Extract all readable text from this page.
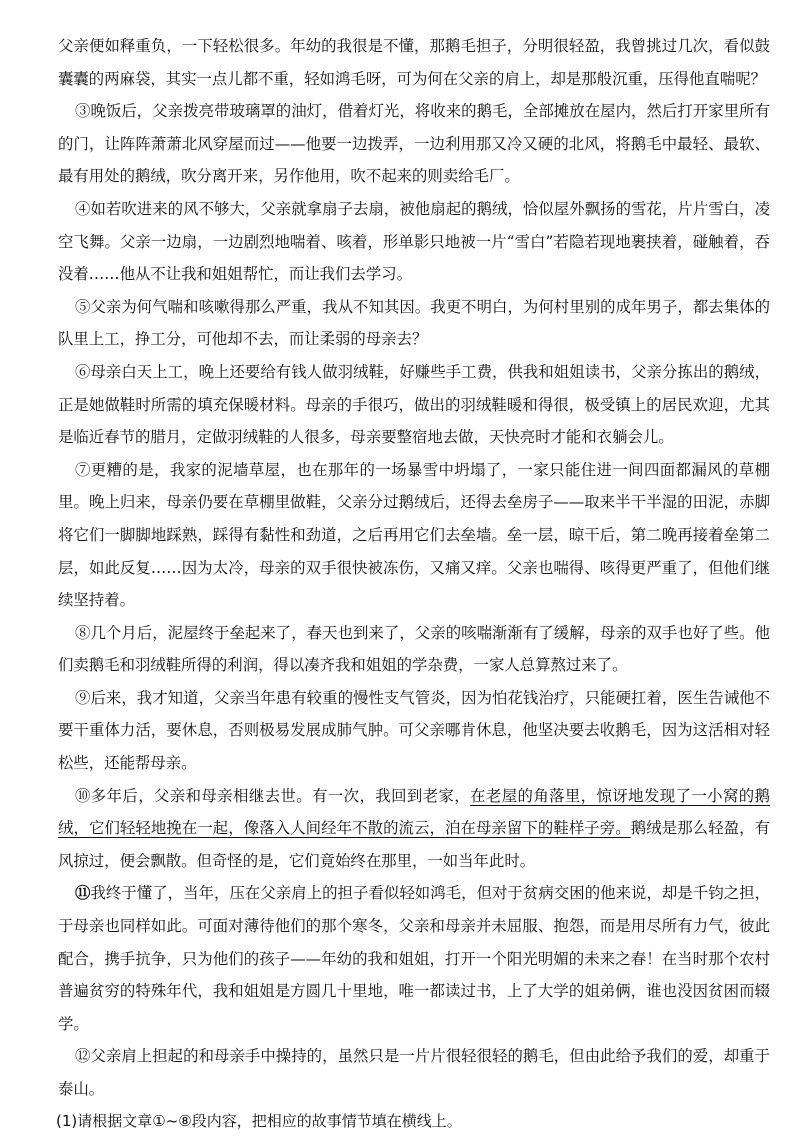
父亲便如释重负，一下轻松很多。年幼的我很是不懂，那鹅毛担子，分明很轻盈，我曾挑过几次，看似鼓囊囊的两麻袋，其实一点儿都不重，轻如鸿毛呀，可为何在父亲的肩上，却是那般沉重，压得他直喘呢？

③晚饭后，父亲拨亮带玻璃罩的油灯，借着灯光，将收来的鹅毛，全部摊放在屋内，然后打开家里所有的门，让阵阵萧萧北风穿屋而过——他要一边拨弄，一边利用那又冷又硬的北风，将鹅毛中最轻、最软、最有用处的鹅绒，吹分离开来，另作他用，吹不起来的则卖给毛厂。

④如若吹进来的风不够大，父亲就拿扇子去扇，被他扇起的鹅绒，恰似屋外飘扬的雪花，片片雪白，凌空飞舞。父亲一边扇，一边剧烈地喘着、咳着，形单影只地被一片“雪白”若隐若现地裹挟着，碰触着，吞没着……他从不让我和姐姐帮忙，而让我们去学习。

⑤父亲为何气喘和咳嗽得那么严重，我从不知其因。我更不明白，为何村里别的成年男子，都去集体的队里上工，挣工分，可他却不去，而让柔弱的母亲去？

⑥母亲白天上工，晚上还要给有钱人做羽绒鞋，好赚些手工费，供我和姐姐读书，父亲分拣出的鹅绒，正是她做鞋时所需的填充保暖材料。母亲的手很巧，做出的羽绒鞋暖和得很，极受镇上的居民欢迎，尤其是临近春节的腊月，定做羽绒鞋的人很多，母亲要整宿地去做，天快亮时才能和衣躺会儿。

⑦更糟的是，我家的泥墙草屋，也在那年的一场暴雪中坍塌了，一家只能住进一间四面都漏风的草棚里。晚上归来，母亲仍要在草棚里做鞋，父亲分过鹅绒后，还得去垒房子——取来半干半湿的田泥，赤脚将它们一脚脚地踩熟，踩得有黏性和劲道，之后再用它们去垒墙。垒一层，晾干后，第二晚再接着垒第二层，如此反复……因为太冷，母亲的双手很快被冻伤，又痛又痒。父亲也喘得、咳得更严重了，但他们继续坚持着。

⑧几个月后，泥屋终于垒起来了，春天也到来了，父亲的咳喘渐渐有了缓解，母亲的双手也好了些。他们卖鹅毛和羽绒鞋所得的利润，得以凑齐我和姐姐的学杂费，一家人总算熬过来了。

⑨后来，我才知道，父亲当年患有较重的慢性支气管炎，因为怕花钱治疗，只能硬扛着，医生告诫他不要干重体力活，要休息，否则极易发展成肺气肿。可父亲哪肯休息，他坚决要去收鹅毛，因为这活相对轻松些，还能帮母亲。

⑩多年后，父亲和母亲相继去世。有一次，我回到老家，在老屋的角落里，惊讶地发现了一小窝的鹅绒，它们轻轻地挽在一起，像落入人间经年不散的流云，泊在母亲留下的鞋样子旁。鹅绒是那么轻盈，有风掠过，便会飘散。但奇怪的是，它们竟始终在那里，一如当年此时。

⑪我终于懂了，当年，压在父亲肩上的担子看似轻如鸿毛，但对于贫病交困的他来说，却是千钧之担，于母亲也同样如此。可面对薄待他们的那个寒冬，父亲和母亲并未屈服、抱怨，而是用尽所有力气，彼此配合，携手抗争，只为他们的孩子——年幼的我和姐姐，打开一个阳光明媚的未来之春！在当时那个农村普遍贫穷的特殊年代，我和姐姐是方圆几十里地，唯一都读过书，上了大学的姐弟俩，谁也没因贫困而辍学。

⑫父亲肩上担起的和母亲手中操持的，虽然只是一片片很轻很轻的鹅毛，但由此给予我们的爱，却重于泰山。

(1)请根据文章①~⑧段内容，把相应的故事情节填在横线上。
